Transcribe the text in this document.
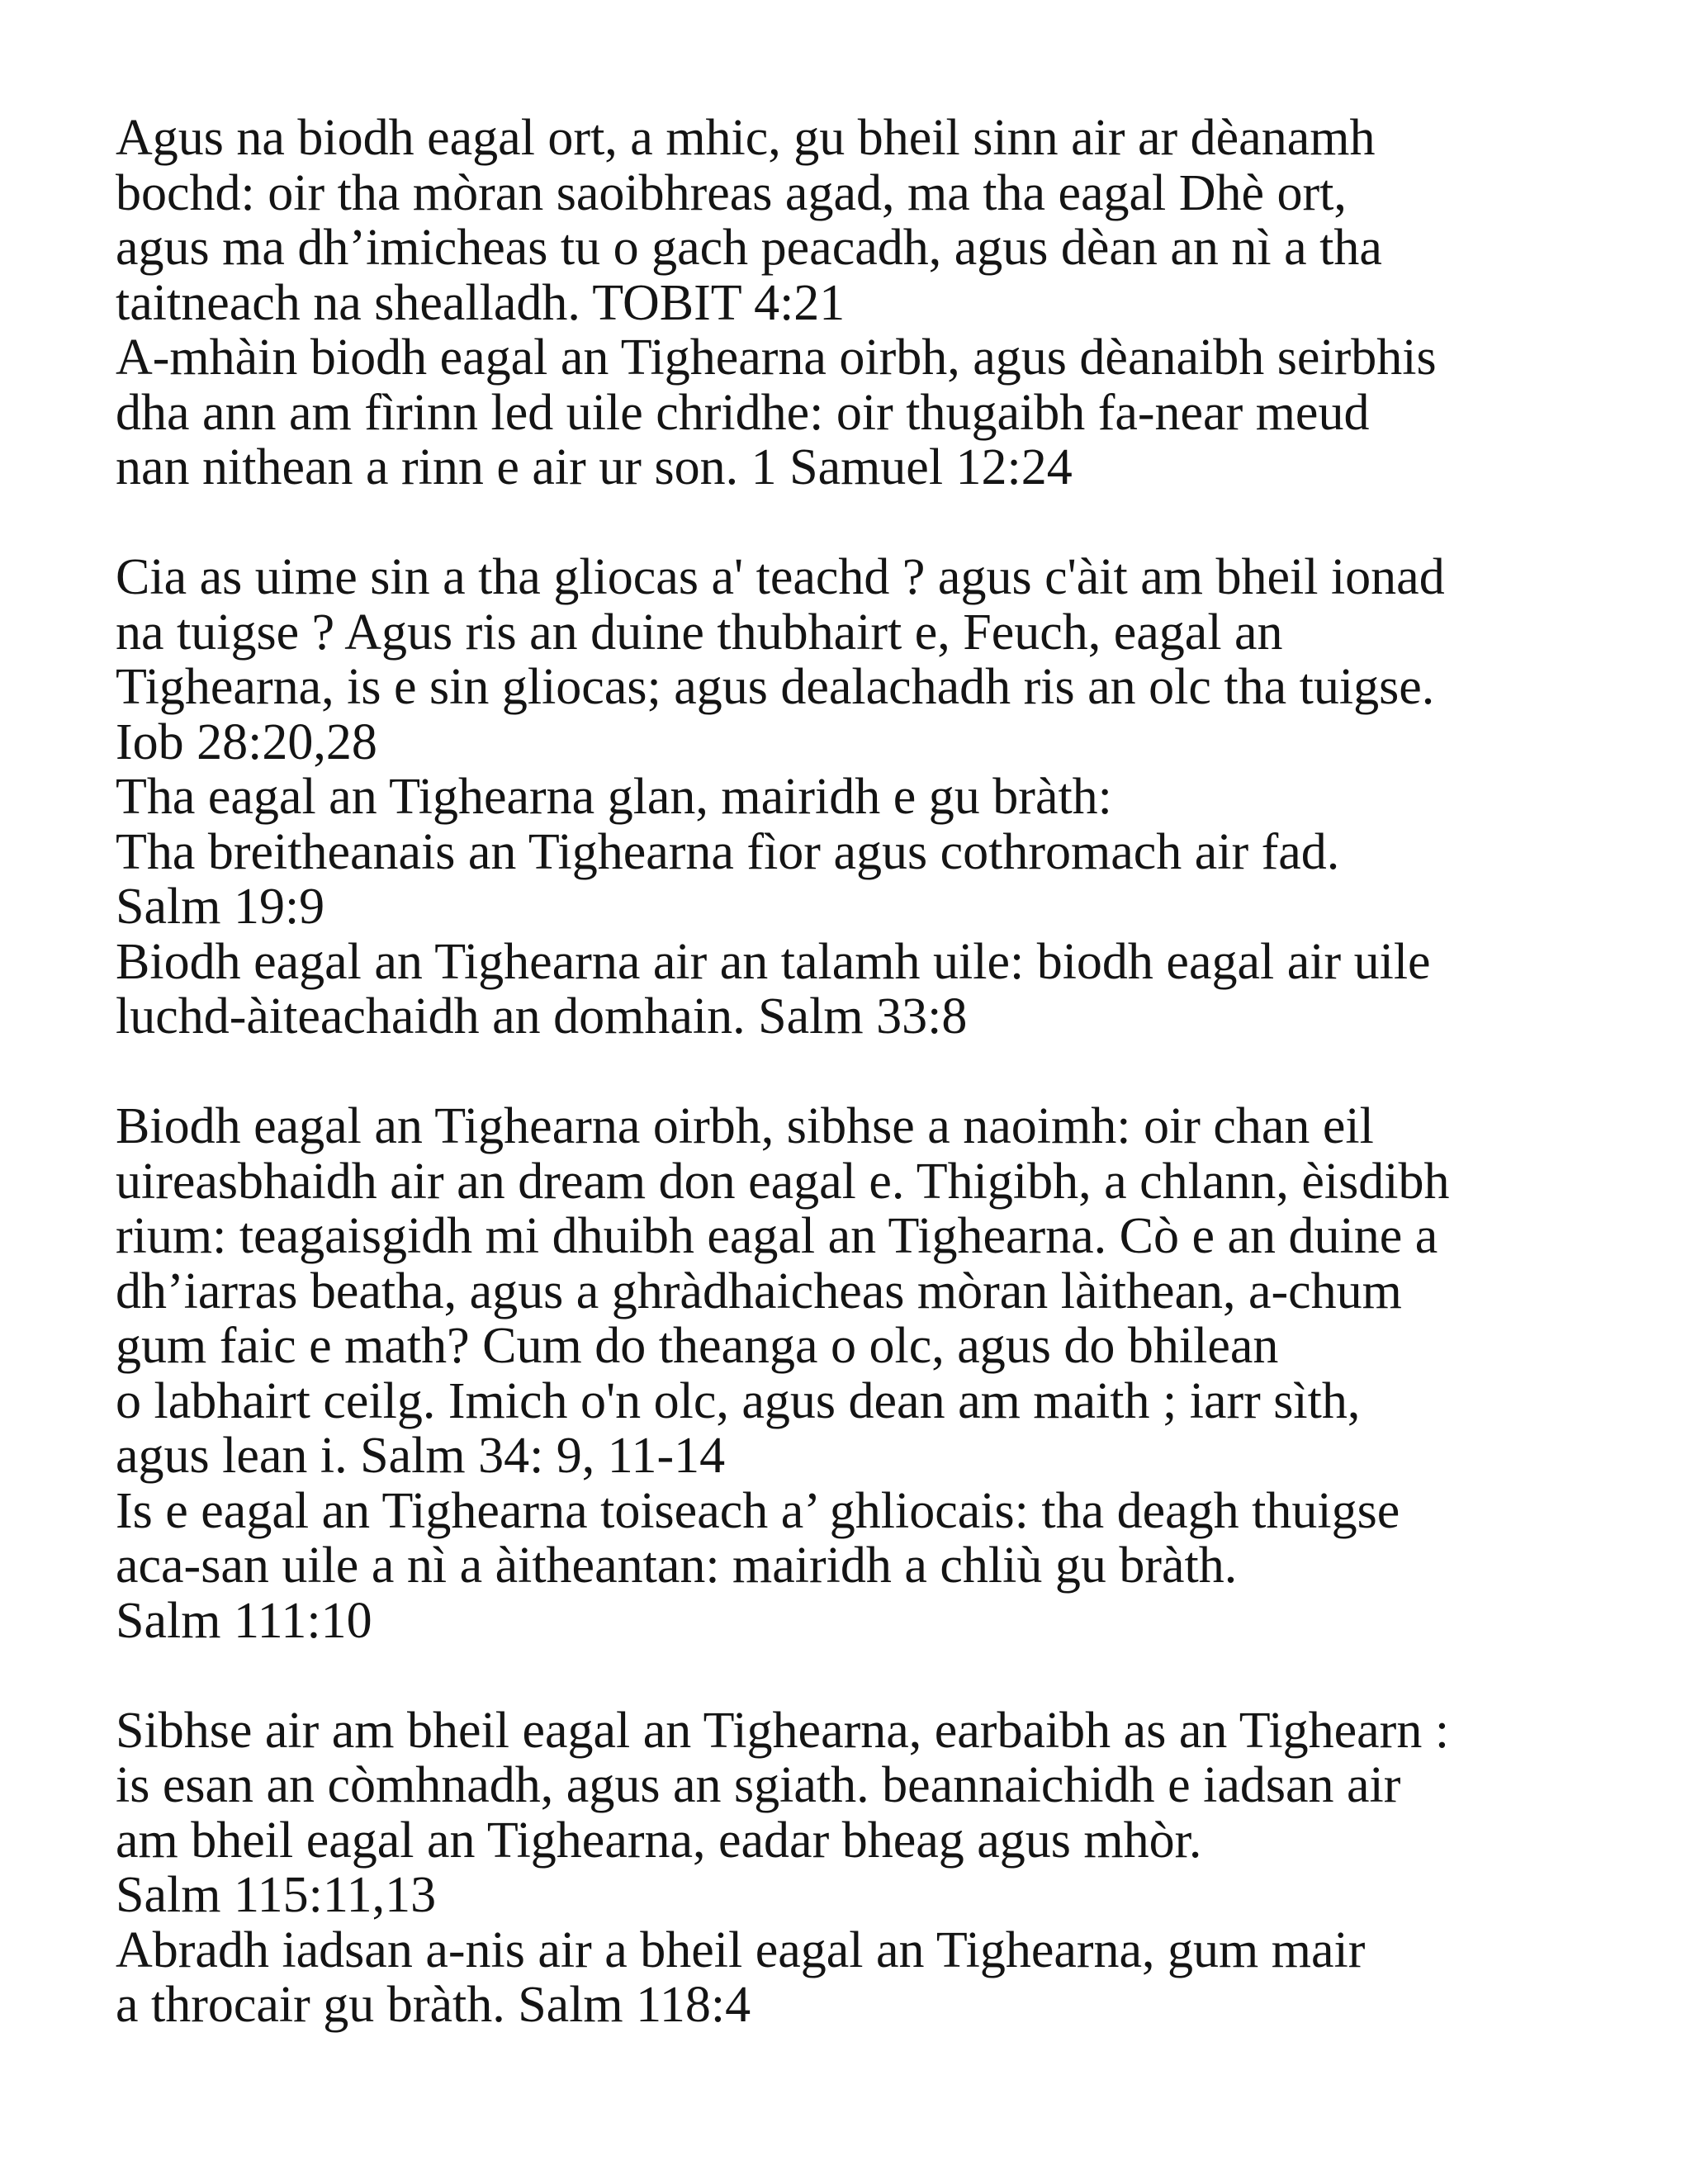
Agus na biodh eagal ort, a mhic, gu bheil sinn air ar dèanamh
bochd: oir tha mòran saoibhreas agad, ma tha eagal Dhè ort,
agus ma dh’imicheas tu o gach peacadh, agus dèan an nì a tha
taitneach na shealladh. TOBIT 4:21
A-mhàin biodh eagal an Tighearna oirbh, agus dèanaibh seirbhis
dha ann am fìrinn led uile chridhe: oir thugaibh fa-near meud
nan nithean a rinn e air ur son. 1 Samuel 12:24
Cia as uime sin a tha gliocas a' teachd ? agus c'àit am bheil ionad
na tuigse ? Agus ris an duine thubhairt e, Feuch, eagal an
Tighearna, is e sin gliocas; agus dealachadh ris an olc tha tuigse.
Iob 28:20,28
Tha eagal an Tighearna glan, mairidh e gu bràth:
Tha breitheanais an Tighearna fìor agus cothromach air fad.
Salm 19:9
Biodh eagal an Tighearna air an talamh uile: biodh eagal air uile
luchd-àiteachaidh an domhain. Salm 33:8
Biodh eagal an Tighearna oirbh, sibhse a naoimh: oir chan eil
uireasbhaidh air an dream don eagal e. Thigibh, a chlann, èisdibh
rium: teagaisgidh mi dhuibh eagal an Tighearna. Cò e an duine a
dh’iarras beatha, agus a ghràdhaicheas mòran làithean, a-chum
gum faic e math? Cum do theanga o olc, agus do bhilean
o labhairt ceilg. Imich o'n olc, agus dean am maith ; iarr sìth,
agus lean i. Salm 34: 9, 11-14
Is e eagal an Tighearna toiseach a’ ghliocais: tha deagh thuigse
aca-san uile a nì a àitheantan: mairidh a chliù gu bràth.
Salm 111:10
Sibhse air am bheil eagal an Tighearna, earbaibh as an Tighearn :
is esan an còmhnadh, agus an sgiath. beannaichidh e iadsan air
am bheil eagal an Tighearna, eadar bheag agus mhòr.
Salm 115:11,13
Abradh iadsan a-nis air a bheil eagal an Tighearna, gum mair
a throcair gu bràth. Salm 118:4
